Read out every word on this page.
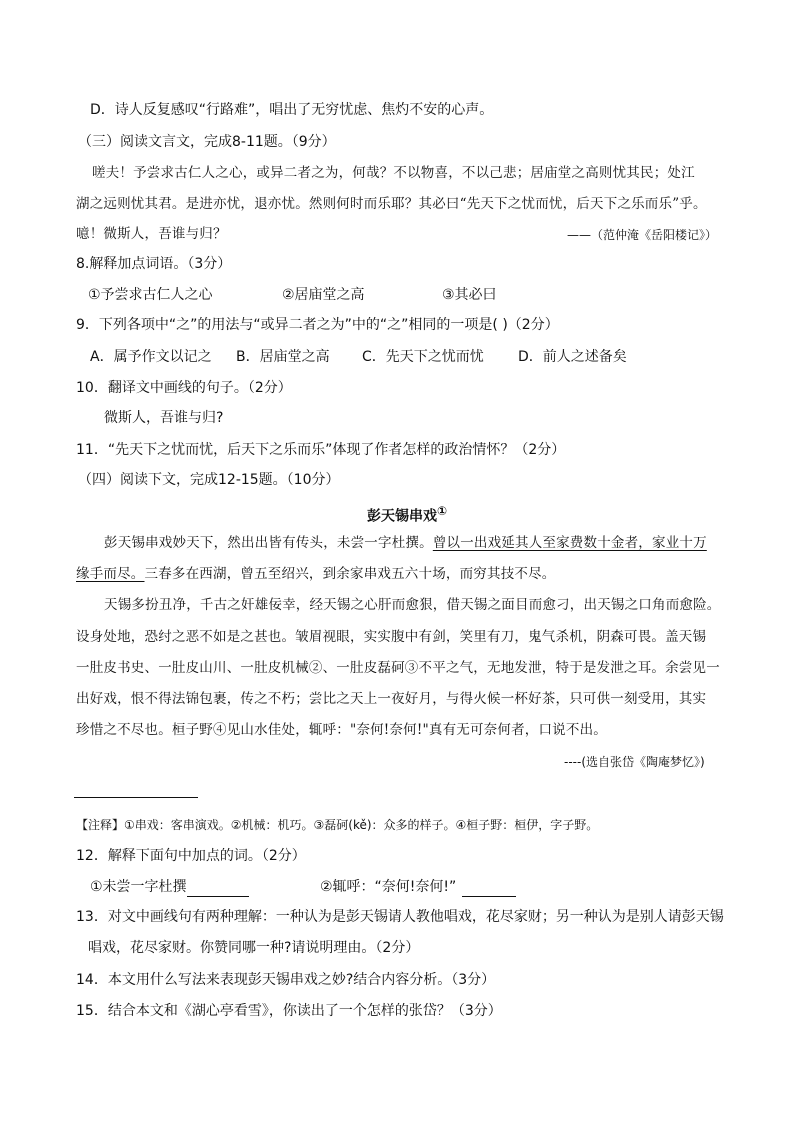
D．诗人反复感叹“行路难”，唱出了无穷忧虑、焦灼不安的心声。

（三）阅读文言文，完成8-11题。（9分）

嗟夫！予尝求古仁人之心，或异二者之为，何哉？不以物喜，不以己悲；居庙堂之高则忧其民；处江

湖之远则忧其君。是进亦忧，退亦忧。然则何时而乐耶？其必曰“先天下之忧而忧，后天下之乐而乐”乎。

噫！微斯人，吾谁与归？	——（范仲淹《岳阳楼记》）

8.解释加点词语。（3分）

①予尝求古仁人之心	②居庙堂之高	③其必曰

9．下列各项中“之”的用法与“或异二者之为”中的“之”相同的一项是( )（2分）

A．属予作文以记之 B．居庙堂之高 C．先天下之忧而忧 D．前人之述备矣

10．翻译文中画线的句子。（2分）

微斯人，吾谁与归?

11．“先天下之忧而忧，后天下之乐而乐”体现了作者怎样的政治情怀？（2分）

（四）阅读下文，完成12-15题。（10分）

彭天锡串戏①

彭天锡串戏妙天下，然出出皆有传头，未尝一字杜撰。曾以一出戏延其人至家费数十金者，家业十万

缘手而尽。三春多在西湖，曾五至绍兴，到余家串戏五六十场，而穷其技不尽。

天锡多扮丑净，千古之奸雄佞幸，经天锡之心肝而愈狠，借天锡之面目而愈刁，出天锡之口角而愈险。

设身处地，恐纣之恶不如是之甚也。皱眉视眼，实实腹中有剑，笑里有刀，鬼气杀机，阴森可畏。盖天锡

一肚皮书史、一肚皮山川、一肚皮机械②、一肚皮磊砢③不平之气，无地发泄，特于是发泄之耳。余尝见一

出好戏，恨不得法锦包裹，传之不朽；尝比之天上一夜好月，与得火候一杯好茶，只可供一刻受用，其实

珍惜之不尽也。桓子野④见山水佳处，辄呼："奈何!奈何!"真有无可奈何者，口说不出。

----(选自张岱《陶庵梦忆》)

【注释】①串戏：客串演戏。②机械：机巧。③磊砢(kě)：众多的样子。④桓子野：桓伊，字子野。

12．解释下面句中加点的词。（2分）

①未尝一字杜撰	②辄呼：“奈何!奈何!”

13．对文中画线句有两种理解：一种认为是彭天锡请人教他唱戏，花尽家财；另一种认为是别人请彭天锡

唱戏，花尽家财。你赞同哪一种?请说明理由。（2分）

14．本文用什么写法来表现彭天锡串戏之妙?结合内容分析。（3分）

15．结合本文和《湖心亭看雪》，你读出了一个怎样的张岱？（3分）
